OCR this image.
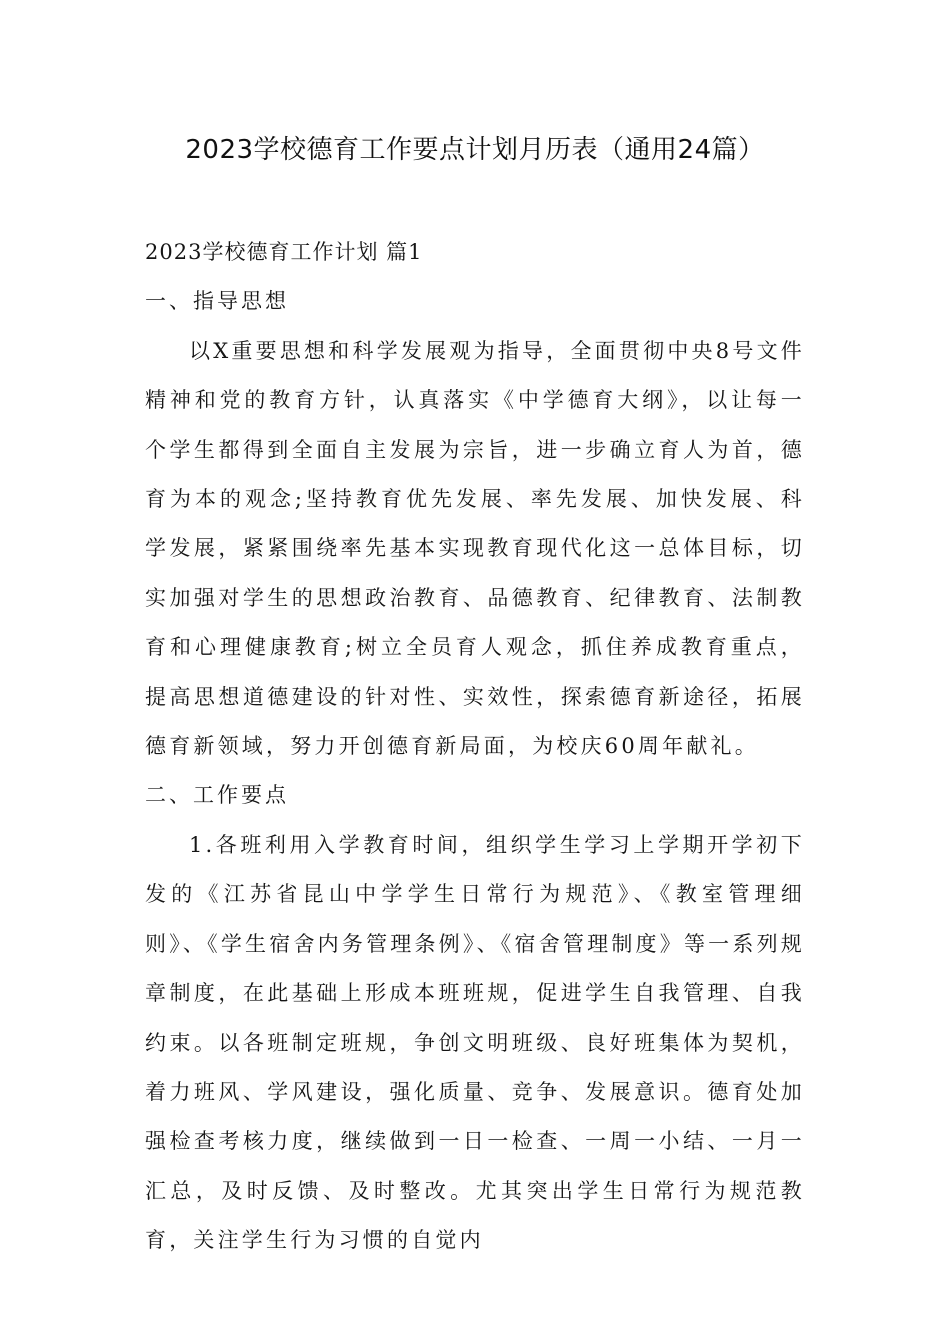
2023学校德育工作要点计划月历表（通用24篇）

2023学校德育工作计划 篇1

一、指导思想

以X重要思想和科学发展观为指导，全面贯彻中央8号文件精神和党的教育方针，认真落实《中学德育大纲》，以让每一个学生都得到全面自主发展为宗旨，进一步确立育人为首，德育为本的观念;坚持教育优先发展、率先发展、加快发展、科学发展，紧紧围绕率先基本实现教育现代化这一总体目标，切实加强对学生的思想政治教育、品德教育、纪律教育、法制教育和心理健康教育;树立全员育人观念，抓住养成教育重点，提高思想道德建设的针对性、实效性，探索德育新途径，拓展德育新领域，努力开创德育新局面，为校庆60周年献礼。

二、工作要点

1.各班利用入学教育时间，组织学生学习上学期开学初下发的《江苏省昆山中学学生日常行为规范》、《教室管理细则》、《学生宿舍内务管理条例》、《宿舍管理制度》等一系列规章制度，在此基础上形成本班班规，促进学生自我管理、自我约束。以各班制定班规，争创文明班级、良好班集体为契机，着力班风、学风建设，强化质量、竞争、发展意识。德育处加强检查考核力度，继续做到一日一检查、一周一小结、一月一汇总，及时反馈、及时整改。尤其突出学生日常行为规范教育，关注学生行为习惯的自觉内
